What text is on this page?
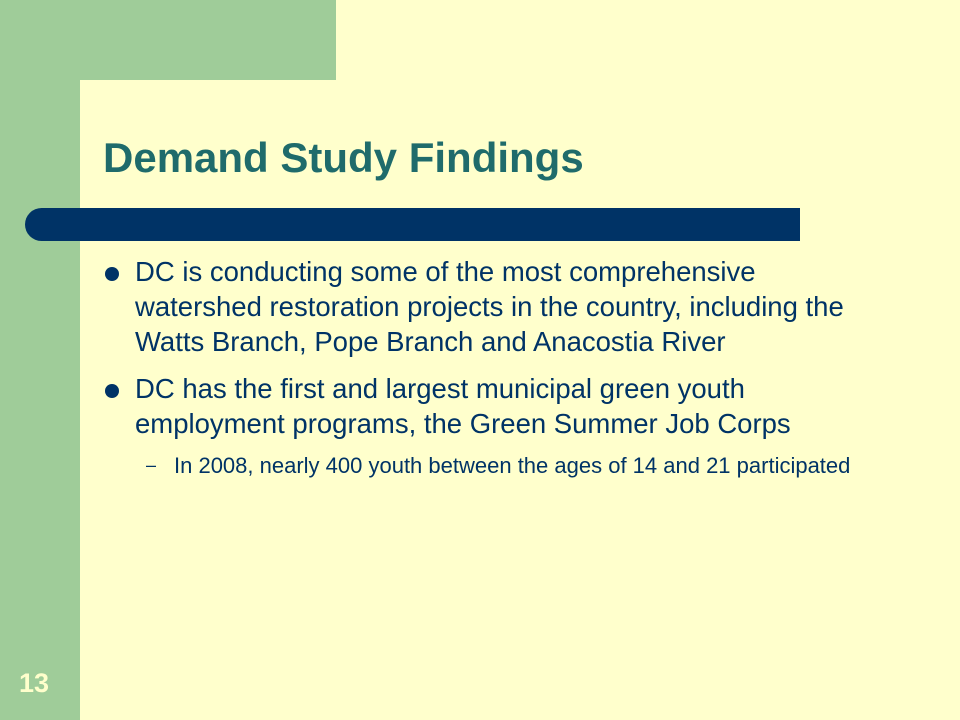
Demand Study Findings
DC is conducting some of the most comprehensive watershed restoration projects in the country, including the Watts Branch, Pope Branch and Anacostia River
DC has the first and largest municipal green youth employment programs, the Green Summer Job Corps
– In 2008, nearly 400 youth between the ages of 14 and 21 participated
13
